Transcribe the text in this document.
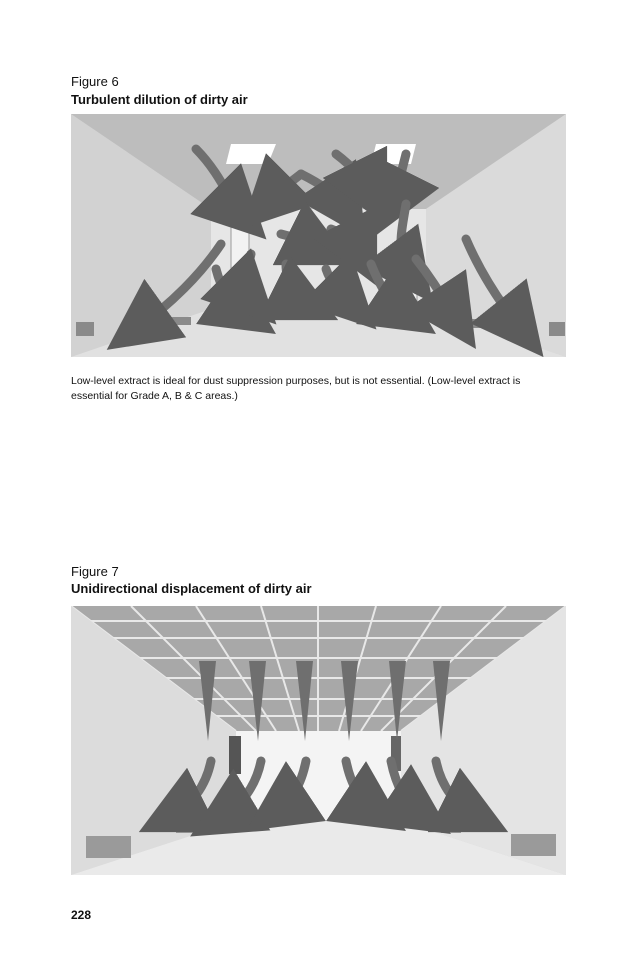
Figure 6

Turbulent dilution of dirty air

Low-level extract is ideal for dust suppression purposes, but is not essential. (Low-level extract is essential for Grade A, B & C areas.)

Figure 7

Unidirectional displacement of dirty air

228
